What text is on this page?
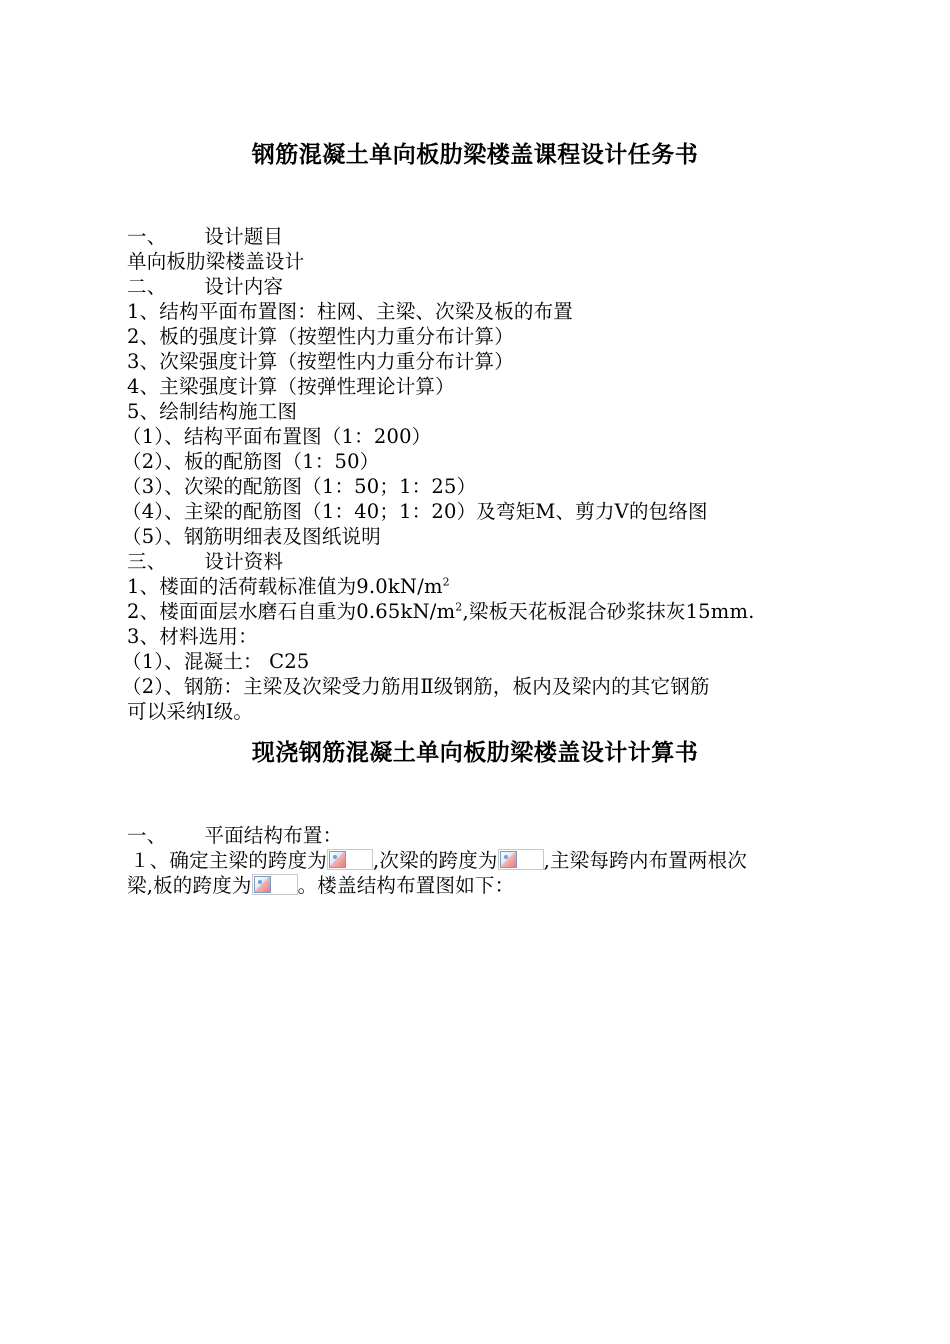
钢筋混凝土单向板肋梁楼盖课程设计任务书
一、 设计题目
单向板肋梁楼盖设计
二、 设计内容
1、结构平面布置图：柱网、主梁、次梁及板的布置
2、板的强度计算（按塑性内力重分布计算）
3、次梁强度计算（按塑性内力重分布计算）
4、主梁强度计算（按弹性理论计算）
5、绘制结构施工图
（1）、结构平面布置图（1：200）
（2）、板的配筋图（1：50）
（3）、次梁的配筋图（1：50；1：25）
（4）、主梁的配筋图（1：40；1：20）及弯矩M、剪力V的包络图
（5）、钢筋明细表及图纸说明
三、 设计资料
1、楼面的活荷载标准值为$9.0kN/m^2$
2、楼面面层水磨石自重为$0.65kN/m^2$,梁板天花板混合砂浆抹灰15mm.
3、材料选用：
（1）、混凝土： C25
（2）、钢筋：主梁及次梁受力筋用Ⅱ级钢筋，板内及梁内的其它钢筋
可以采纳Ⅰ级。
现浇钢筋混凝土单向板肋梁楼盖设计计算书
一、 平面结构布置：
１、确定主梁的跨度为 ,次梁的跨度为 ,主梁每跨内布置两根次
梁,板的跨度为 。楼盖结构布置图如下：
